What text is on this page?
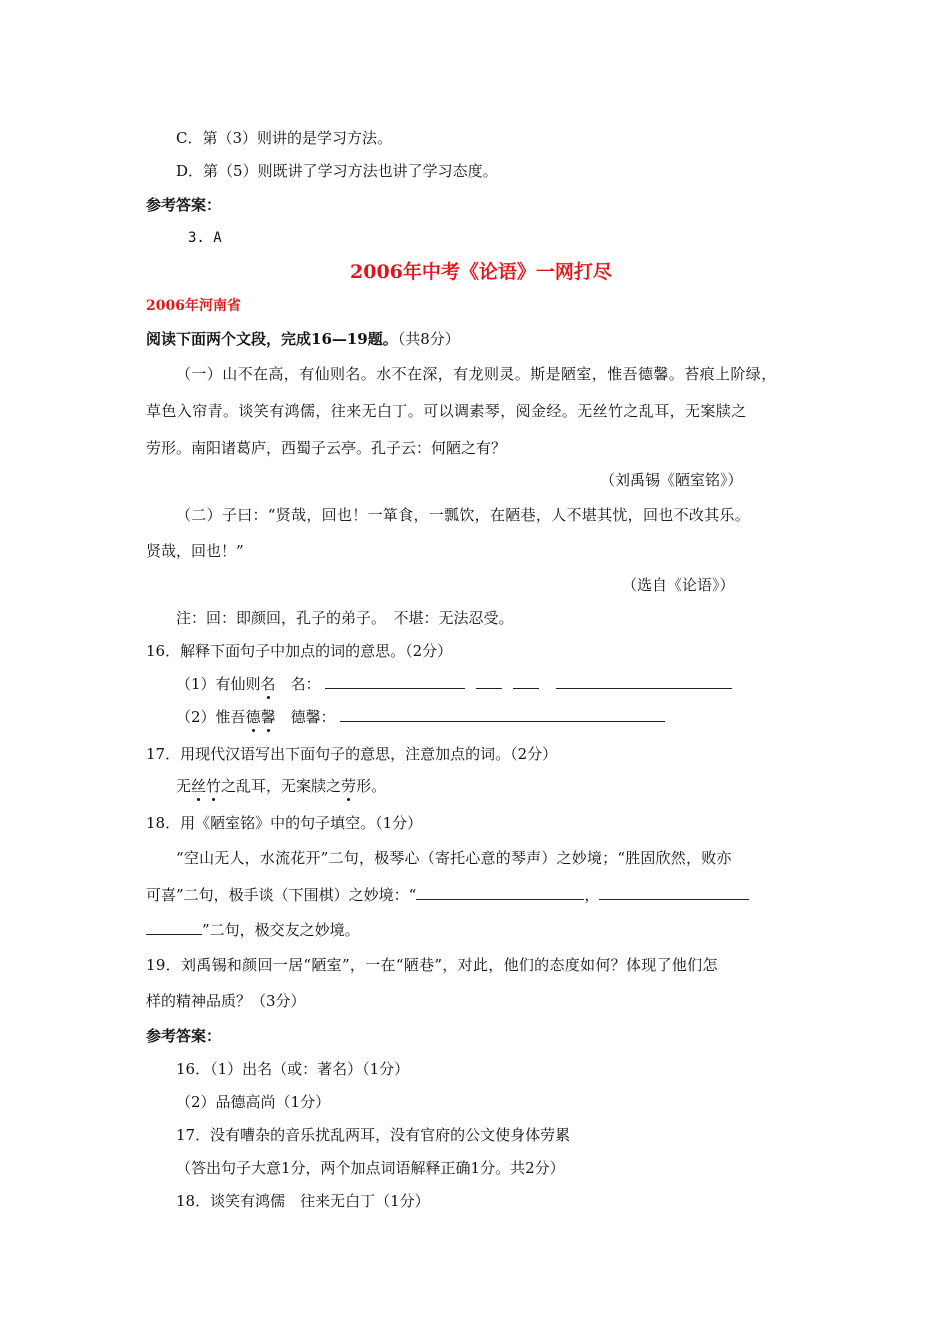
C．第（3）则讲的是学习方法。
D．第（5）则既讲了学习方法也讲了学习态度。
参考答案：
3. A
2006年中考《论语》一网打尽
2006年河南省
阅读下面两个文段，完成16—19题。（共8分）
（一）山不在高，有仙则名。水不在深，有龙则灵。斯是陋室，惟吾德馨。苔痕上阶绿，
草色入帘青。谈笑有鸿儒，往来无白丁。可以调素琴，阅金经。无丝竹之乱耳，无案牍之
劳形。南阳诸葛庐，西蜀子云亭。孔子云：何陋之有？
（刘禹锡《陋室铭》）
（二）子曰：“贤哉，回也！一箪食，一瓢饮，在陋巷，人不堪其忧，回也不改其乐。
贤哉，回也！”
（选自《论语》）
注：回：即颜回，孔子的弟子。　不堪：无法忍受。
16．解释下面句子中加点的词的意思。（2分）
（1）有仙则名　名：
（2）惟吾德馨　德馨：
17．用现代汉语写出下面句子的意思，注意加点的词。（2分）
无丝竹之乱耳，无案牍之劳形。
18．用《陋室铭》中的句子填空。（1分）
“空山无人，水流花开”二句，极琴心（寄托心意的琴声）之妙境；“胜固欣然，败亦
可喜”二句，极手谈（下围棋）之妙境：“	，
”二句，极交友之妙境。
19．刘禹锡和颜回一居“陋室”，一在“陋巷”，对此，他们的态度如何？体现了他们怎
样的精神品质？（3分）
参考答案：
16．（1）出名（或：著名）（1分）
（2）品德高尚（1分）
17．没有嘈杂的音乐扰乱两耳，没有官府的公文使身体劳累
（答出句子大意1分，两个加点词语解释正确1分。共2分）
18．谈笑有鸿儒　往来无白丁（1分）
